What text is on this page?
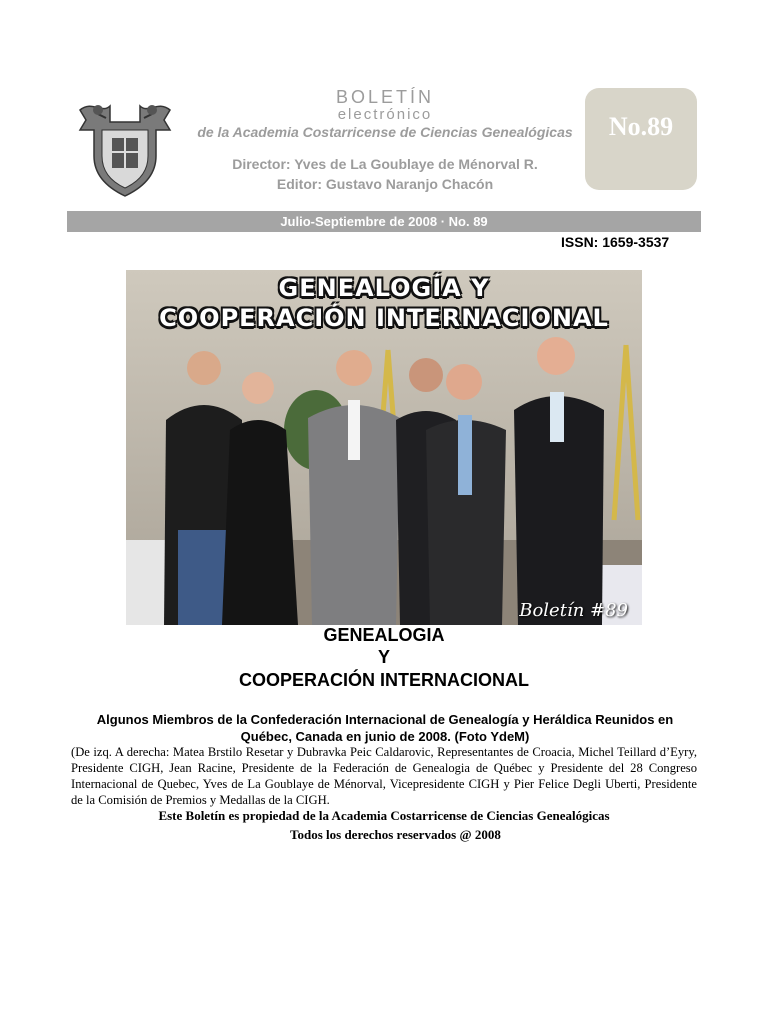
BOLETÍN
electrónico
de la Academia Costarricense de Ciencias Genealógicas
Director: Yves de La Goublaye de Ménorval R.
Editor: Gustavo Naranjo Chacón
No.89
Julio-Septiembre de 2008 · No. 89
ISSN: 1659-3537
GENEALOGÍA Y
COOPERACIÓN INTERNACIONAL
Boletín #89
GENEALOGIA
Y
COOPERACIÓN INTERNACIONAL
Algunos Miembros de la Confederación Internacional de Genealogía y Heráldica Reunidos en Québec, Canada en junio de 2008. (Foto YdeM)
(De izq. A derecha: Matea Brstilo Resetar y Dubravka Peic Caldarovic, Representantes de Croacia, Michel Teillard d’Eyry, Presidente CIGH, Jean Racine, Presidente de la Federación de Genealogia de Québec y Presidente del 28 Congreso Internacional de Quebec, Yves de La Goublaye de Ménorval, Vicepresidente CIGH y Pier Felice Degli Uberti, Presidente de la Comisión de Premios y Medallas de la CIGH.
Este Boletín es propiedad de la Academia Costarricense de Ciencias Genealógicas
Todos los derechos reservados @ 2008
